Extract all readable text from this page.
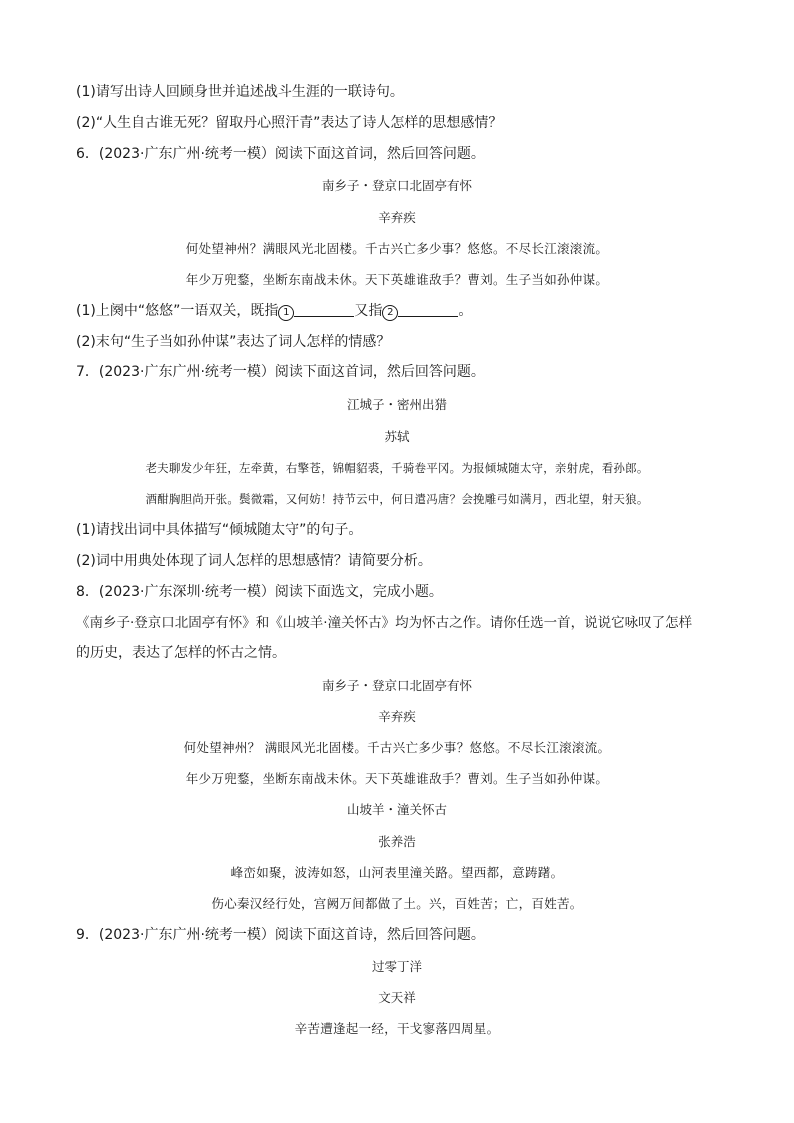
(1)请写出诗人回顾身世并追述战斗生涯的一联诗句。
(2)“人生自古谁无死？留取丹心照汗青”表达了诗人怎样的思想感情？
6．(2023·广东广州·统考一模）阅读下面这首词，然后回答问题。
南乡子・登京口北固亭有怀
辛弃疾
何处望神州？满眼风光北固楼。千古兴亡多少事？悠悠。不尽长江滚滚流。
年少万兜鍪，坐断东南战未休。天下英雄谁敌手？曹刘。生子当如孙仲谋。
(1)上阕中“悠悠”一语双关，既指 1	又指 2	。
(2)末句“生子当如孙仲谋”表达了词人怎样的情感？
7．(2023·广东广州·统考一模）阅读下面这首词，然后回答问题。
江城子・密州出猎
苏轼
老夫聊发少年狂，左牵黄，右擎苍，锦帽貂裘，千骑卷平冈。为报倾城随太守，亲射虎，看孙郎。
酒酣胸胆尚开张。鬓微霜，又何妨！持节云中，何日遣冯唐？会挽雕弓如满月，西北望，射天狼。
(1)请找出词中具体描写“倾城随太守”的句子。
(2)词中用典处体现了词人怎样的思想感情？请简要分析。
8．(2023·广东深圳·统考一模）阅读下面选文，完成小题。
《南乡子·登京口北固亭有怀》和《山坡羊·潼关怀古》均为怀古之作。请你任选一首，说说它咏叹了怎样
的历史，表达了怎样的怀古之情。
南乡子・登京口北固亭有怀
辛弃疾
何处望神州？ 满眼风光北固楼。千古兴亡多少事？悠悠。不尽长江滚滚流。
年少万兜鍪，坐断东南战未休。天下英雄谁敌手？曹刘。生子当如孙仲谋。
山坡羊・潼关怀古
张养浩
峰峦如聚，波涛如怒，山河表里潼关路。望西都，意踌躇。
伤心秦汉经行处，宫阙万间都做了土。兴，百姓苦；亡，百姓苦。
9．(2023·广东广州·统考一模）阅读下面这首诗，然后回答问题。
过零丁洋
文天祥
辛苦遭逢起一经，干戈寥落四周星。
